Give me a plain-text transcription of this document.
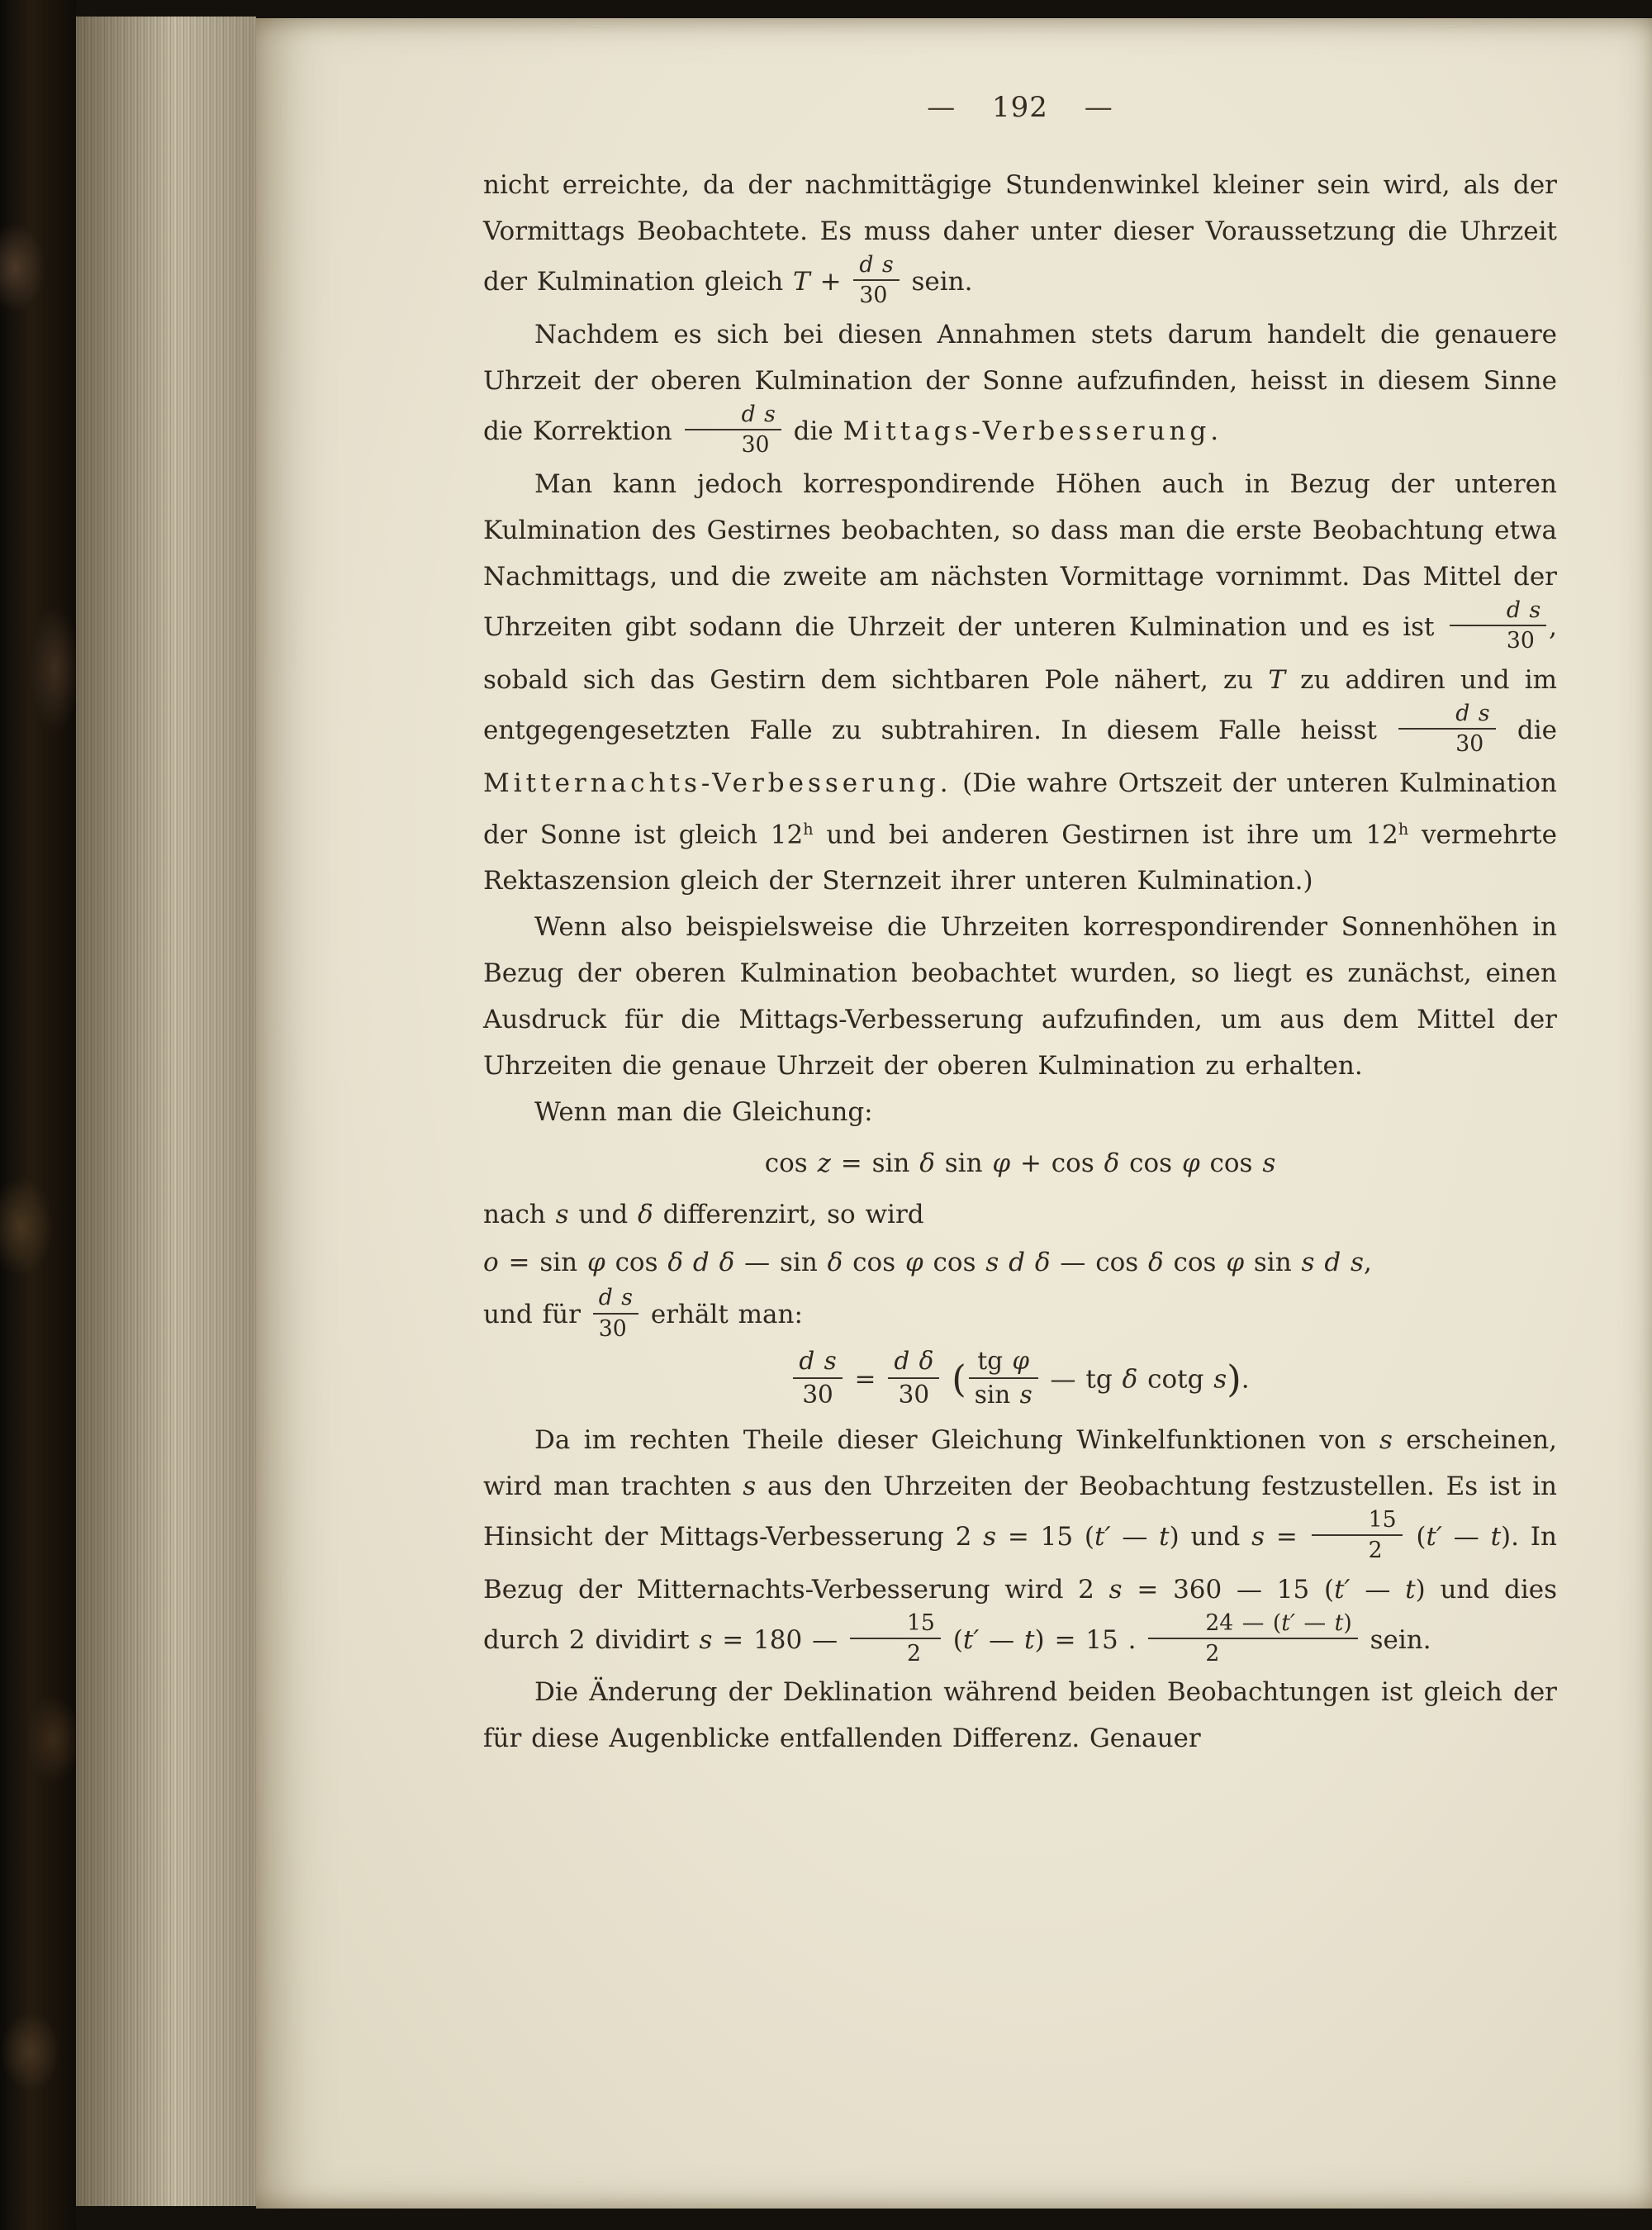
— 192 —

nicht erreichte, da der nachmittägige Stundenwinkel kleiner sein wird, als der Vormittags Beobachtete. Es muss daher unter dieser Voraussetzung die Uhrzeit der Kulmination gleich $T + \frac{\text{d s}}{30}$ sein.

Nachdem es sich bei diesen Annahmen stets darum handelt die genauere Uhrzeit der oberen Kulmination der Sonne aufzufinden, heisst in diesem Sinne die Korrektion $\frac{\text{d s}}{30}$ die Mittags-Verbesserung.

Man kann jedoch korrespondirende Höhen auch in Bezug der unteren Kulmination des Gestirnes beobachten, so dass man die erste Beobachtung etwa Nachmittags, und die zweite am nächsten Vormittage vornimmt. Das Mittel der Uhrzeiten gibt sodann die Uhrzeit der unteren Kulmination und es ist $\frac{\text{d s}}{30}$ , sobald sich das Gestirn dem sichtbaren Pole nähert, zu T zu addiren und im entgegengesetzten Falle zu subtrahiren. In diesem Falle heisst $\frac{\text{d s}}{30}$ die Mitternachts-Verbesserung. (Die wahre Ortszeit der unteren Kulmination der Sonne ist gleich 12$^h$ und bei anderen Gestirnen ist ihre um 12$^h$ vermehrte Rektaszension gleich der Sternzeit ihrer unteren Kulmination.)

Wenn also beispielsweise die Uhrzeiten korrespondirender Sonnenhöhen in Bezug der oberen Kulmination beobachtet wurden, so liegt es zunächst, einen Ausdruck für die Mittags-Verbesserung aufzufinden, um aus dem Mittel der Uhrzeiten die genaue Uhrzeit der oberen Kulmination zu erhalten.

Wenn man die Gleichung:

cos z = sin δ sin φ + cos δ cos φ cos s

nach s und δ differenzirt, so wird

o = sin φ cos δ d δ — sin δ cos φ cos s d δ — cos δ cos φ sin s d s,

und für $\frac{\text{d s}}{30}$ erhält man:

$\frac{\text{d s}}{30} = \frac{\text{d δ}}{30}$ ( $\frac{\text{tg φ}}{\text{sin s}}$ — tg δ cotg s).

Da im rechten Theile dieser Gleichung Winkelfunktionen von s erscheinen, wird man trachten s aus den Uhrzeiten der Beobachtung festzustellen. Es ist in Hinsicht der Mittags-Verbesserung 2 s = 15 (t′ — t) und $s = \frac{15}{2} (t'$ — t). In Bezug der Mitternachts-Verbesserung wird 2 s = 360 — 15 (t′ — t) und dies durch 2 dividirt s = 180 — $\frac{15}{2} (t'$ — t) = 15 . $\frac{24 — (t' — t)}{2}$ sein.

Die Änderung der Deklination während beiden Beobachtungen ist gleich der für diese Augenblicke entfallenden Differenz. Genauer
